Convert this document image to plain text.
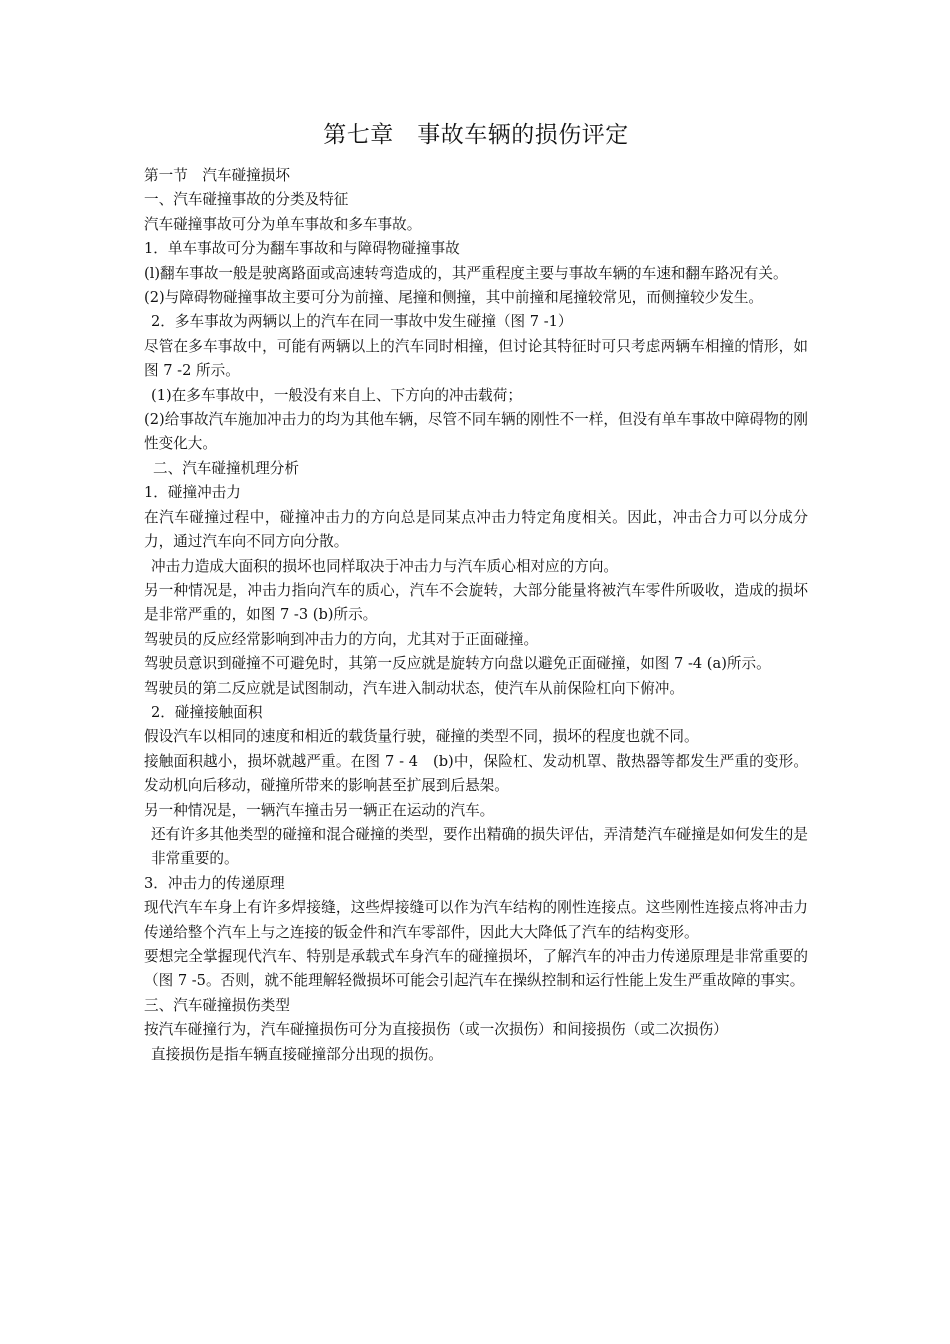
第七章　事故车辆的损伤评定

第一节　汽车碰撞损坏

一、汽车碰撞事故的分类及特征

汽车碰撞事故可分为单车事故和多车事故。

1．单车事故可分为翻车事故和与障碍物碰撞事故

(l)翻车事故一般是驶离路面或高速转弯造成的，其严重程度主要与事故车辆的车速和翻车路况有关。

(2)与障碍物碰撞事故主要可分为前撞、尾撞和侧撞，其中前撞和尾撞较常见，而侧撞较少发生。

2．多车事故为两辆以上的汽车在同一事故中发生碰撞（图 7 -1）

尽管在多车事故中，可能有两辆以上的汽车同时相撞，但讨论其特征时可只考虑两辆车相撞的情形，如图 7 -2 所示。

(1)在多车事故中，一般没有来自上、下方向的冲击载荷；

(2)给事故汽车施加冲击力的均为其他车辆，尽管不同车辆的刚性不一样，但没有单车事故中障碍物的刚性变化大。

二、汽车碰撞机理分析

1．碰撞冲击力

在汽车碰撞过程中，碰撞冲击力的方向总是同某点冲击力特定角度相关。因此，冲击合力可以分成分力，通过汽车向不同方向分散。

冲击力造成大面积的损坏也同样取决于冲击力与汽车质心相对应的方向。

另一种情况是，冲击力指向汽车的质心，汽车不会旋转，大部分能量将被汽车零件所吸收，造成的损坏是非常严重的，如图 7 -3 (b)所示。

驾驶员的反应经常影响到冲击力的方向，尤其对于正面碰撞。

驾驶员意识到碰撞不可避免时，其第一反应就是旋转方向盘以避免正面碰撞，如图 7 -4 (a)所示。

驾驶员的第二反应就是试图制动，汽车进入制动状态，使汽车从前保险杠向下俯冲。

2．碰撞接触面积

假设汽车以相同的速度和相近的载货量行驶，碰撞的类型不同，损坏的程度也就不同。

接触面积越小，损坏就越严重。在图 7 - 4　(b)中，保险杠、发动机罩、散热器等都发生严重的变形。发动机向后移动，碰撞所带来的影响甚至扩展到后悬架。

另一种情况是，一辆汽车撞击另一辆正在运动的汽车。

还有许多其他类型的碰撞和混合碰撞的类型，要作出精确的损失评估，弄清楚汽车碰撞是如何发生的是非常重要的。

3．冲击力的传递原理

现代汽车车身上有许多焊接缝，这些焊接缝可以作为汽车结构的刚性连接点。这些刚性连接点将冲击力传递给整个汽车上与之连接的钣金件和汽车零部件，因此大大降低了汽车的结构变形。

要想完全掌握现代汽车、特别是承载式车身汽车的碰撞损坏，了解汽车的冲击力传递原理是非常重要的（图 7 -5。否则，就不能理解轻微损坏可能会引起汽车在操纵控制和运行性能上发生严重故障的事实。

三、汽车碰撞损伤类型

按汽车碰撞行为，汽车碰撞损伤可分为直接损伤（或一次损伤）和间接损伤（或二次损伤）

直接损伤是指车辆直接碰撞部分出现的损伤。
